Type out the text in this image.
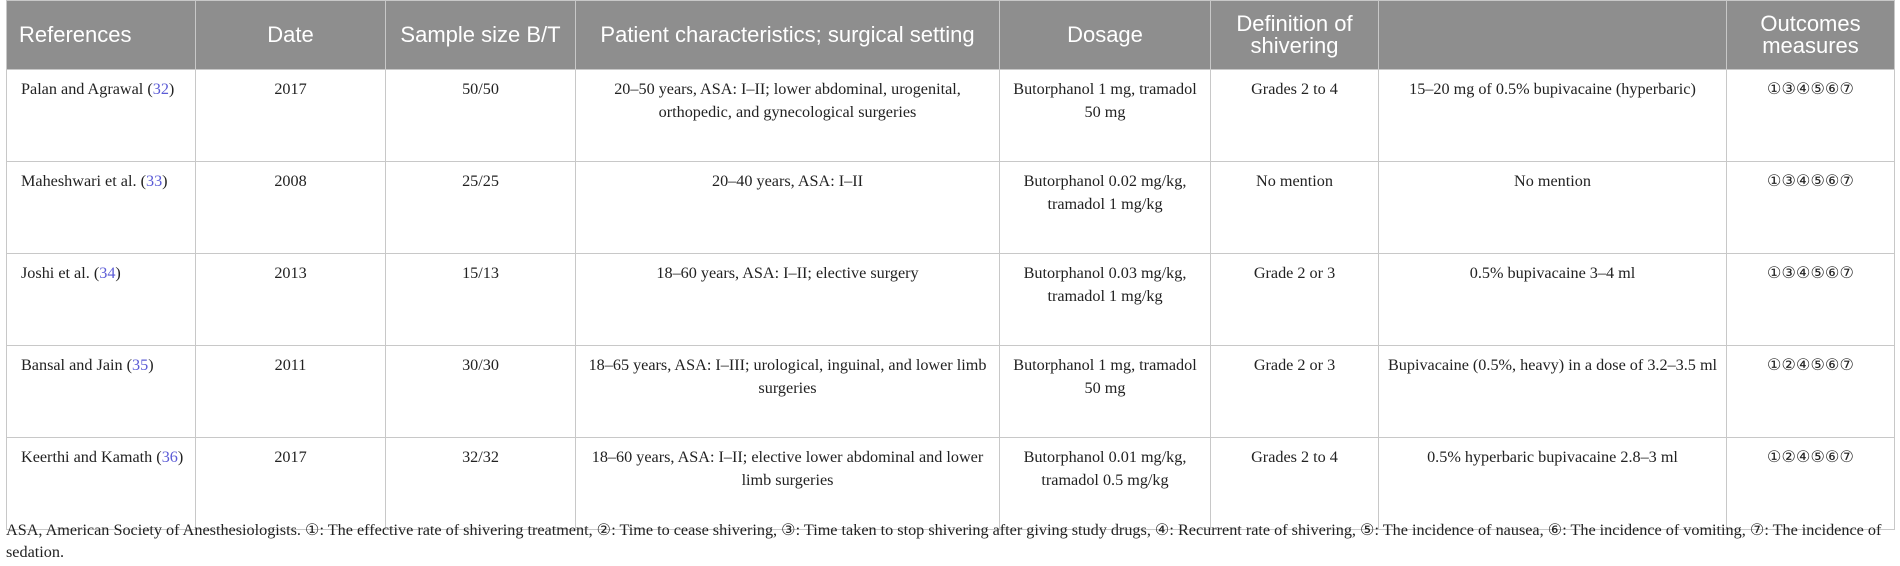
References	Date	Sample size B/T	Patient characteristics; surgical setting	Dosage	Definition of shivering		Outcomes measures
Palan and Agrawal (32)	2017	50/50	20–50 years, ASA: I–II; lower abdominal, urogenital, orthopedic, and gynecological surgeries	Butorphanol 1 mg, tramadol 50 mg	Grades 2 to 4	15–20 mg of 0.5% bupivacaine (hyperbaric)	①③④⑤⑥⑦
Maheshwari et al. (33)	2008	25/25	20–40 years, ASA: I–II	Butorphanol 0.02 mg/kg, tramadol 1 mg/kg	No mention	No mention	①③④⑤⑥⑦
Joshi et al. (34)	2013	15/13	18–60 years, ASA: I–II; elective surgery	Butorphanol 0.03 mg/kg, tramadol 1 mg/kg	Grade 2 or 3	0.5% bupivacaine 3–4 ml	①③④⑤⑥⑦
Bansal and Jain (35)	2011	30/30	18–65 years, ASA: I–III; urological, inguinal, and lower limb surgeries	Butorphanol 1 mg, tramadol 50 mg	Grade 2 or 3	Bupivacaine (0.5%, heavy) in a dose of 3.2–3.5 ml	①②④⑤⑥⑦
Keerthi and Kamath (36)	2017	32/32	18–60 years, ASA: I–II; elective lower abdominal and lower limb surgeries	Butorphanol 0.01 mg/kg, tramadol 0.5 mg/kg	Grades 2 to 4	0.5% hyperbaric bupivacaine 2.8–3 ml	①②④⑤⑥⑦
ASA, American Society of Anesthesiologists. ①: The effective rate of shivering treatment, ②: Time to cease shivering, ③: Time taken to stop shivering after giving study drugs, ④: Recurrent rate of shivering, ⑤: The incidence of nausea, ⑥: The incidence of vomiting, ⑦: The incidence of sedation.
